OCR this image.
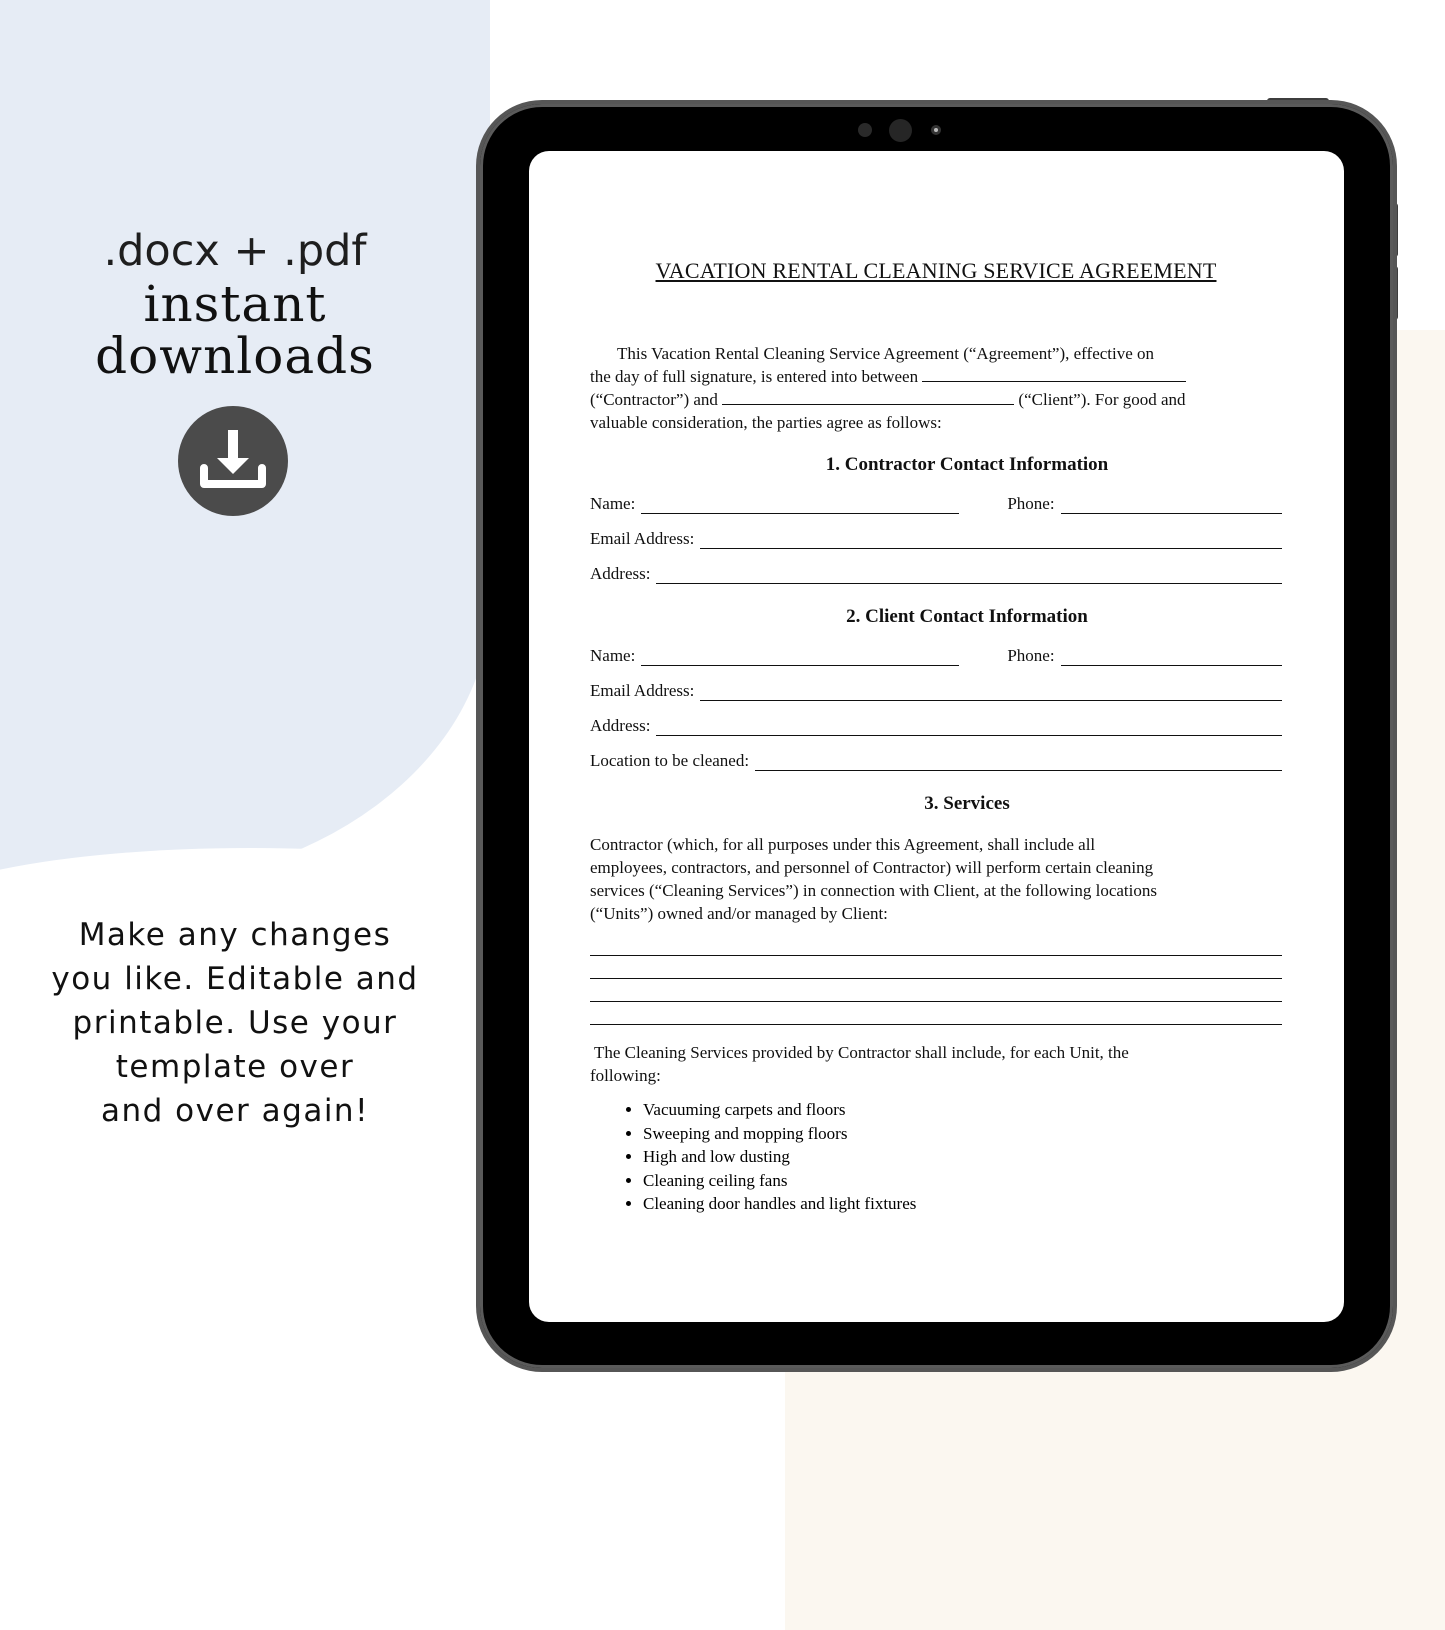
.docx + .pdf
instant
downloads
Make any changes
you like. Editable and
printable. Use your
template over
and over again!
VACATION RENTAL CLEANING SERVICE AGREEMENT
This Vacation Rental Cleaning Service Agreement (“Agreement”), effective on
the day of full signature, is entered into between
(“Contractor”) and	(“Client”). For good and
valuable consideration, the parties agree as follows:
1. Contractor Contact Information
Name:	Phone:
Email Address:
Address:
2. Client Contact Information
Name:	Phone:
Email Address:
Address:
Location to be cleaned:
3. Services
Contractor (which, for all purposes under this Agreement, shall include all
employees, contractors, and personnel of Contractor) will perform certain cleaning
services (“Cleaning Services”) in connection with Client, at the following locations
(“Units”) owned and/or managed by Client:
The Cleaning Services provided by Contractor shall include, for each Unit, the
following:
• Vacuuming carpets and floors
• Sweeping and mopping floors
• High and low dusting
• Cleaning ceiling fans
• Cleaning door handles and light fixtures
